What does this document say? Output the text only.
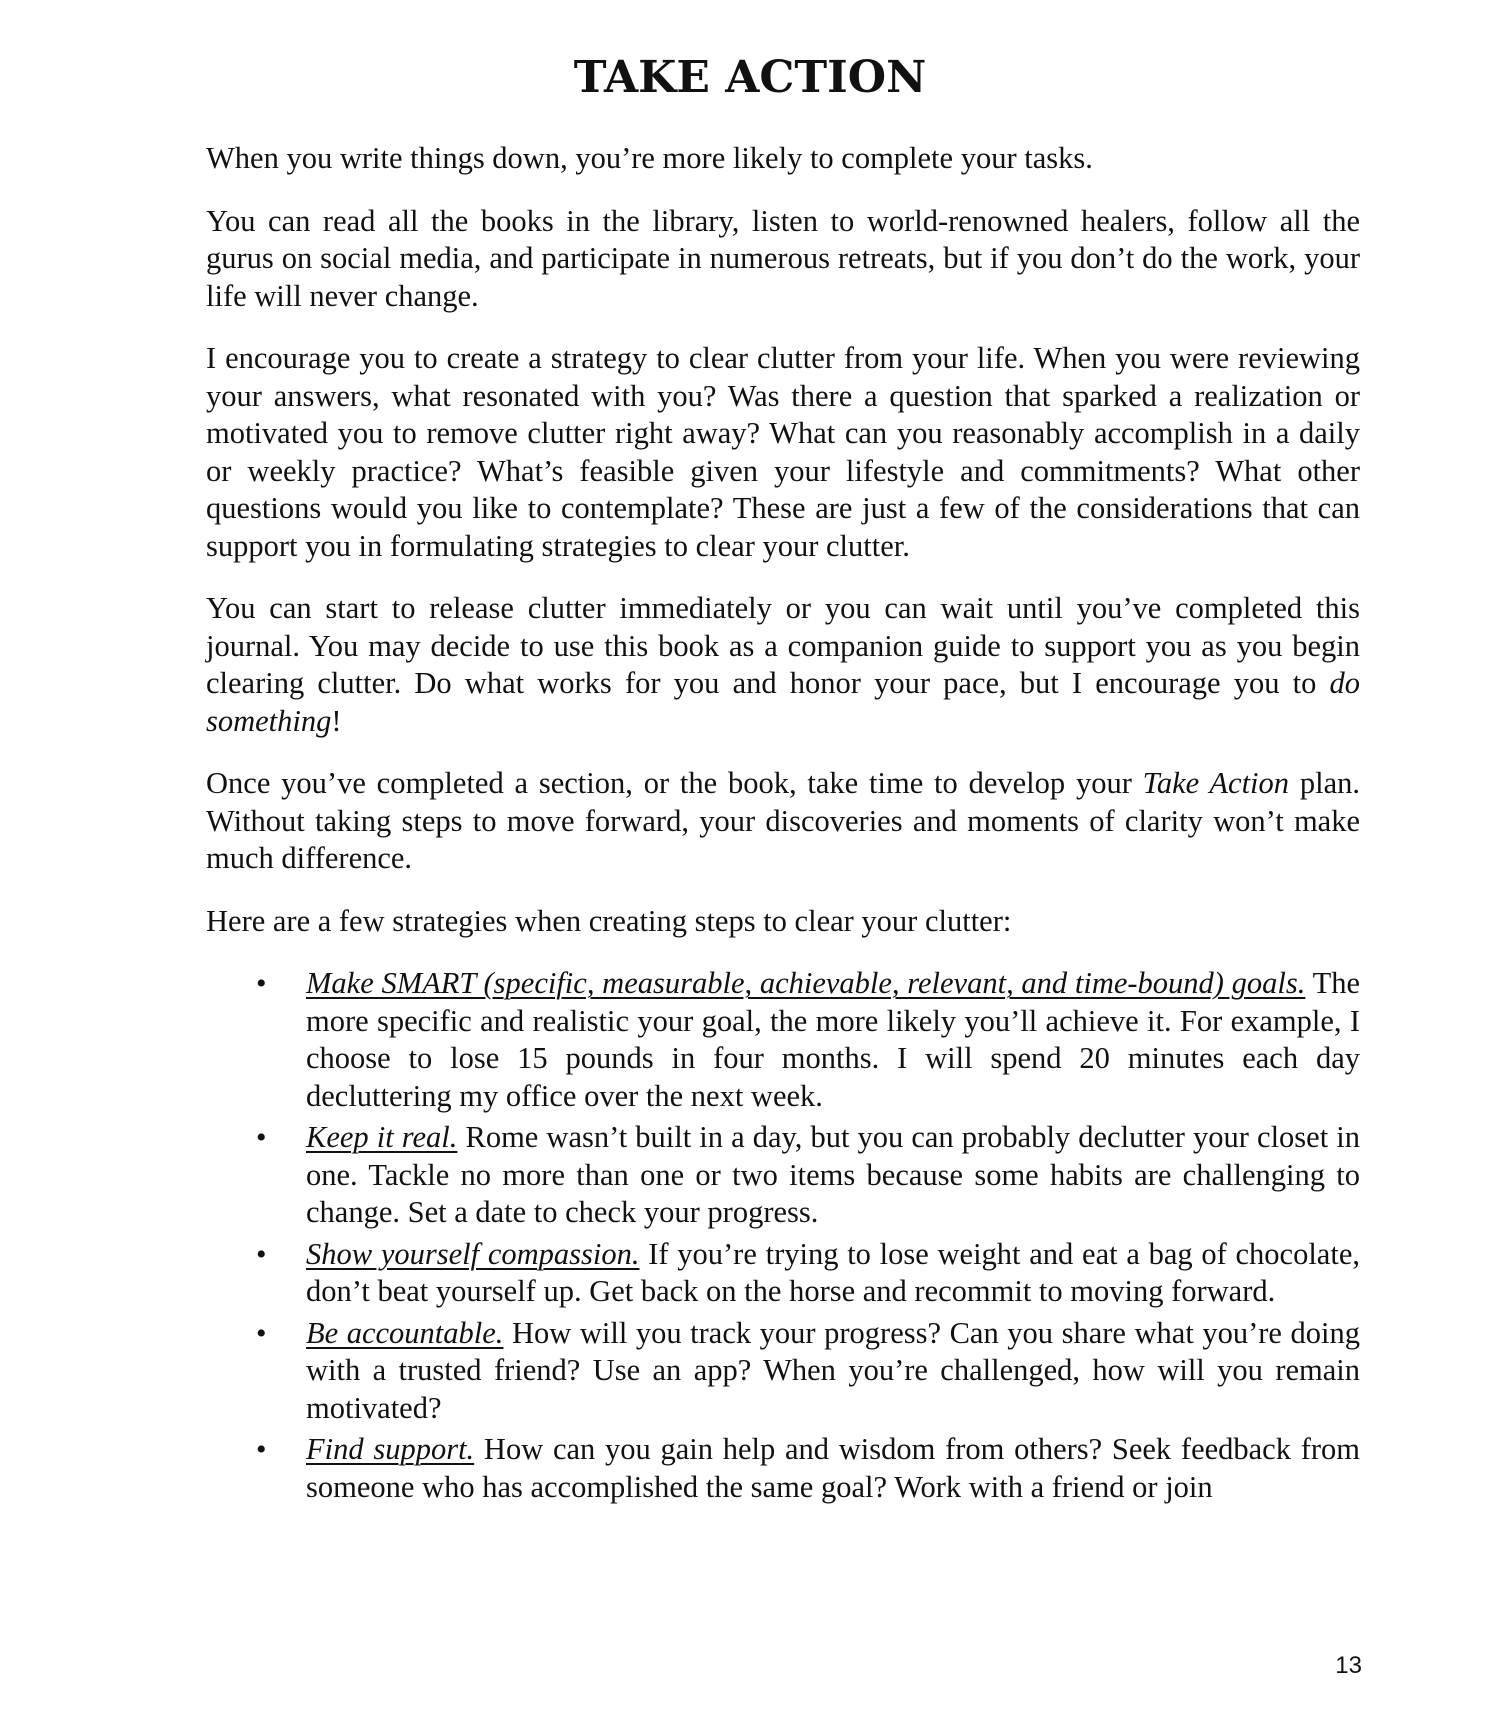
TAKE ACTION

When you write things down, you’re more likely to complete your tasks.

You can read all the books in the library, listen to world-renowned healers, follow all the gurus on social media, and participate in numerous retreats, but if you don’t do the work, your life will never change.

I encourage you to create a strategy to clear clutter from your life. When you were reviewing your answers, what resonated with you? Was there a question that sparked a realization or motivated you to remove clutter right away? What can you reasonably accomplish in a daily or weekly practice? What’s feasible given your lifestyle and commitments? What other questions would you like to contemplate? These are just a few of the considerations that can support you in formulating strategies to clear your clutter.

You can start to release clutter immediately or you can wait until you’ve completed this journal. You may decide to use this book as a companion guide to support you as you begin clearing clutter. Do what works for you and honor your pace, but I encourage you to do something!

Once you’ve completed a section, or the book, take time to develop your Take Action plan. Without taking steps to move forward, your discoveries and moments of clarity won’t make much difference.

Here are a few strategies when creating steps to clear your clutter:

• Make SMART (specific, measurable, achievable, relevant, and time-bound) goals. The more specific and realistic your goal, the more likely you’ll achieve it. For example, I choose to lose 15 pounds in four months. I will spend 20 minutes each day decluttering my office over the next week.
• Keep it real. Rome wasn’t built in a day, but you can probably declutter your closet in one. Tackle no more than one or two items because some habits are challenging to change. Set a date to check your progress.
• Show yourself compassion. If you’re trying to lose weight and eat a bag of chocolate, don’t beat yourself up. Get back on the horse and recommit to moving forward.
• Be accountable. How will you track your progress? Can you share what you’re doing with a trusted friend? Use an app? When you’re challenged, how will you remain motivated?
• Find support. How can you gain help and wisdom from others? Seek feedback from someone who has accomplished the same goal? Work with a friend or join
13
